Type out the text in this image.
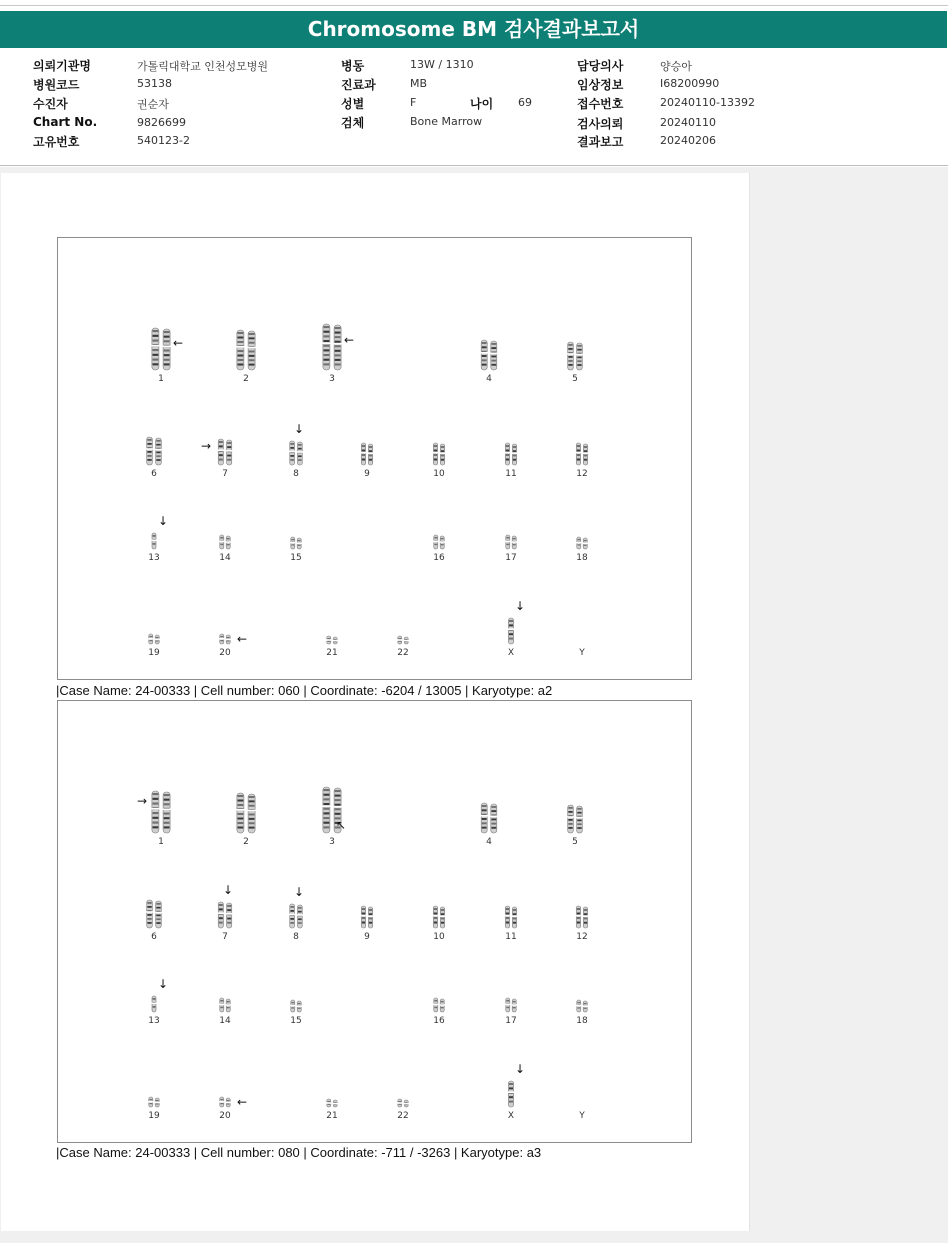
Chromosome BM 검사결과보고서
의뢰기관명	가톨릭대학교 인천성모병원
병원코드	53138
수진자	권순자
Chart No.	9826699
고유번호	540123-2
병동	13W / 1310
진료과	MB
성별	F	나이 69
검체	Bone Marrow
담당의사	양승아
임상정보	I68200990
접수번호	20240110-13392
검사의뢰	20240110
결과보고	20240206
1	2	3	4	5
6	7	8	9	10	11	12
13	14	15	16	17	18
19	20	21	22	X	Y
←	←
→
↓
↓
←
↓
|Case Name: 24-00333 | Cell number: 060 | Coordinate: -6204 / 13005 | Karyotype: a2
1	2	3	4	5
6	7	8	9	10	11	12
13	14	15	16	17	18
19	20	21	22	X	Y
→
↖
↓	↓
↓
←
↓
|Case Name: 24-00333 | Cell number: 080 | Coordinate: -711 / -3263 | Karyotype: a3
